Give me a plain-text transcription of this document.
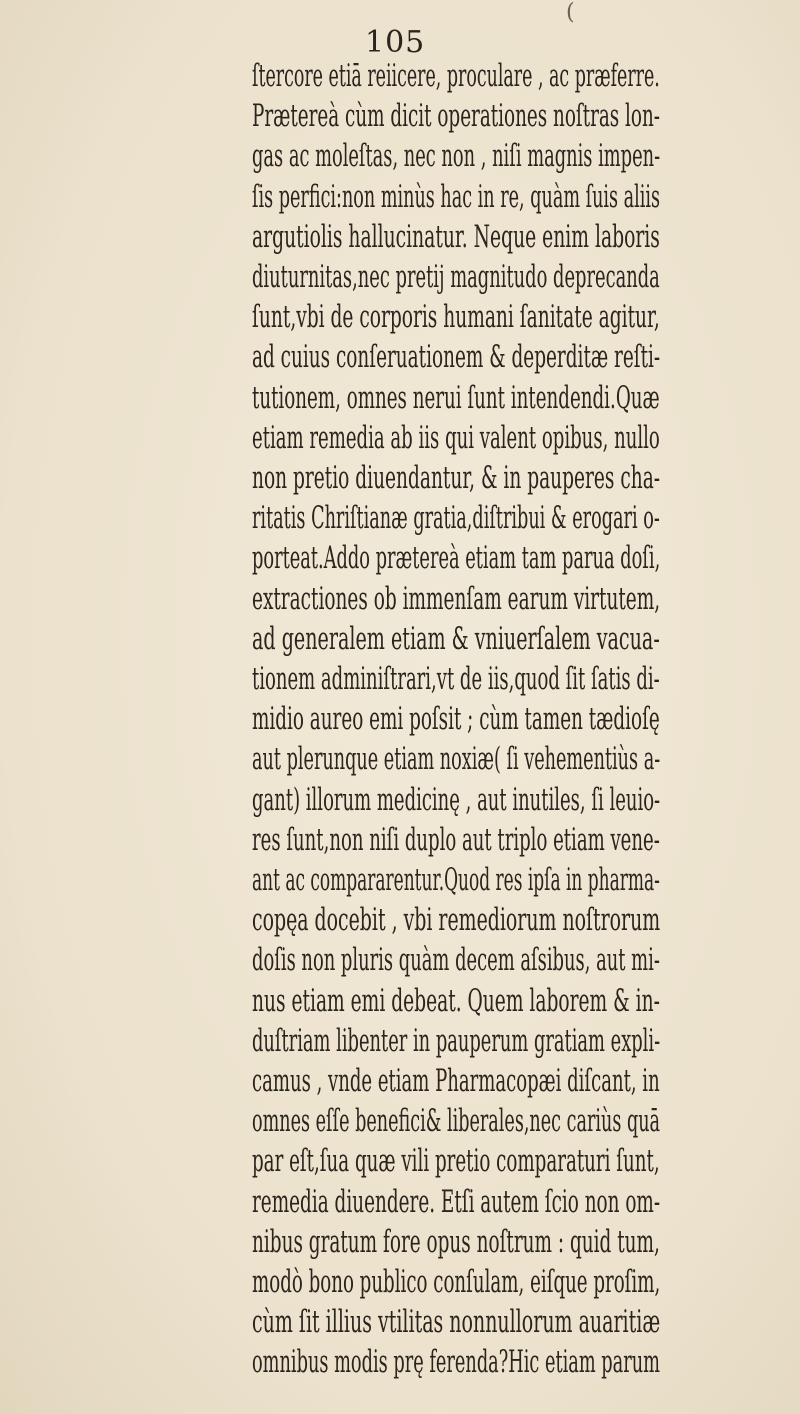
(
105
ſtercore etiā reiicere, proculare , ac præferre.
Prætereà cùm dicit operationes noſtras lon-
gas ac moleſtas, nec non , niſi magnis impen-
ſis perfici:non minùs hac in re, quàm ſuis aliis
argutiolis hallucinatur. Neque enim laboris
diuturnitas,nec pretij magnitudo deprecanda
ſunt,vbi de corporis humani ſanitate agitur,
ad cuius conſeruationem & deperditæ reſti-
tutionem, omnes nerui ſunt intendendi.Quæ
etiam remedia ab iis qui valent opibus, nullo
non pretio diuendantur, & in pauperes cha-
ritatis Chriſtianæ gratia,diſtribui & erogari o-
porteat.Addo prætereà etiam tam parua doſi,
extractiones ob immenſam earum virtutem,
ad generalem etiam & vniuerſalem vacua-
tionem adminiſtrari,vt de iis,quod ſit ſatis di-
midio aureo emi poſsit ; cùm tamen tædioſę
aut plerunque etiam noxiæ( ſi vehementiùs a-
gant) illorum medicinę , aut inutiles, ſi leuio-
res ſunt,non niſi duplo aut triplo etiam vene-
ant ac compararentur.Quod res ipſa in pharma-
copęa docebit , vbi remediorum noſtrorum
doſis non pluris quàm decem aſsibus, aut mi-
nus etiam emi debeat. Quem laborem & in-
duſtriam libenter in pauperum gratiam expli-
camus , vnde etiam Pharmacopæi diſcant, in
omnes eſſe benefici& liberales,nec cariùs quā
par eſt,ſua quæ vili pretio comparaturi ſunt,
remedia diuendere. Etſi autem ſcio non om-
nibus gratum fore opus noſtrum : quid tum,
modò bono publico conſulam, eiſque proſim,
cùm ſit illius vtilitas nonnullorum auaritiæ
omnibus modis prę ferenda?Hic etiam parum
